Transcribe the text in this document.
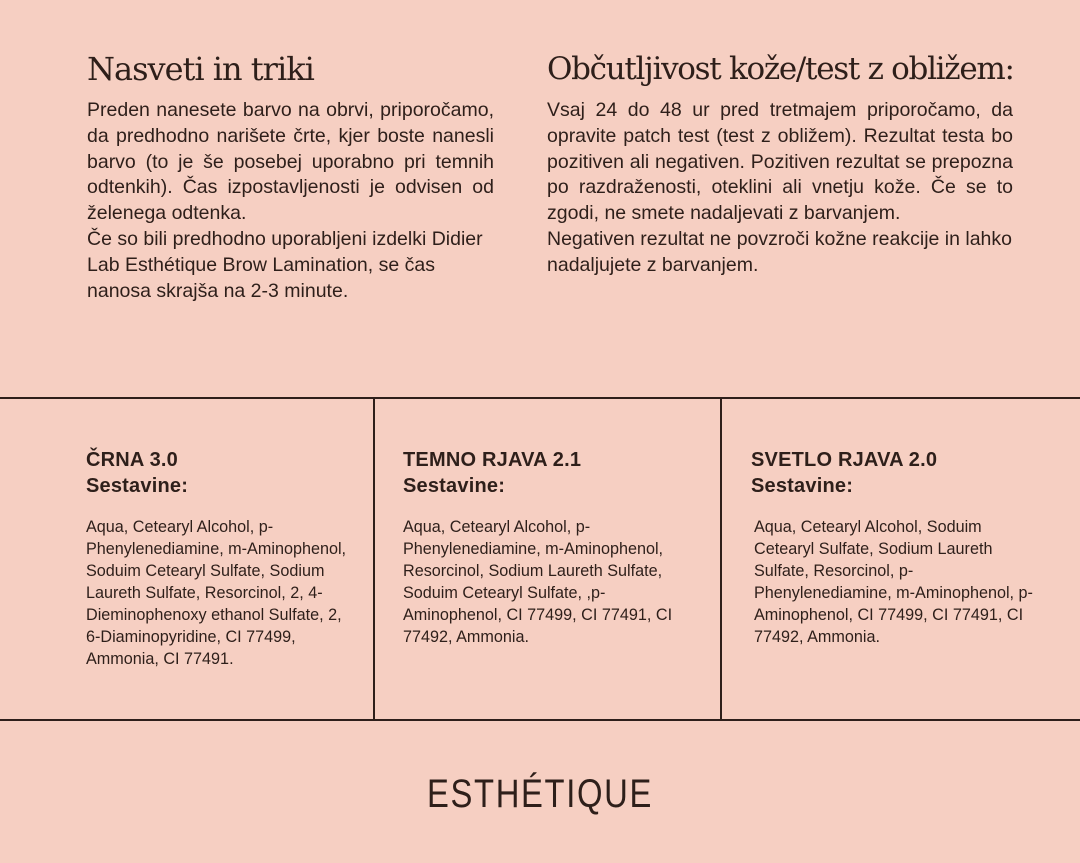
Nasveti in triki

Preden nanesete barvo na obrvi, priporočamo, da predhodno narišete črte, kjer boste nanesli barvo (to je še posebej uporabno pri temnih odtenkih). Čas izpostavljenosti je odvisen od želenega odtenka.

Če so bili predhodno uporabljeni izdelki Didier Lab Esthétique Brow Lamination, se čas nanosa skrajša na 2-3 minute.

Občutljivost kože/test z obližem:

Vsaj 24 do 48 ur pred tretmajem priporočamo, da opravite patch test (test z obližem). Rezultat testa bo pozitiven ali negativen. Pozitiven rezultat se prepozna po razdraženosti, oteklini ali vnetju kože. Če se to zgodi, ne smete nadaljevati z barvanjem.

Negativen rezultat ne povzroči kožne reakcije in lahko nadaljujete z barvanjem.

ČRNA 3.0

Sestavine:

Aqua, Cetearyl Alcohol, p-Phenylenediamine, m-Aminophenol, Soduim Cetearyl Sulfate, Sodium Laureth Sulfate, Resorcinol, 2, 4-Dieminophenoxy ethanol Sulfate, 2, 6-Diaminopyridine, CI 77499, Ammonia, CI 77491.

TEMNO RJAVA 2.1

Sestavine:

Aqua, Cetearyl Alcohol, p-Phenylenediamine, m-Aminophenol, Resorcinol, Sodium Laureth Sulfate, Soduim Cetearyl Sulfate, ,p-Aminophenol, CI 77499, CI 77491, CI 77492, Ammonia.

SVETLO RJAVA 2.0

Sestavine:

Aqua, Cetearyl Alcohol, Soduim Cetearyl Sulfate, Sodium Laureth Sulfate, Resorcinol, p-Phenylenediamine, m-Aminophenol, p-Aminophenol, CI 77499, CI 77491, CI 77492, Ammonia.
ESTHÉTIQUE
